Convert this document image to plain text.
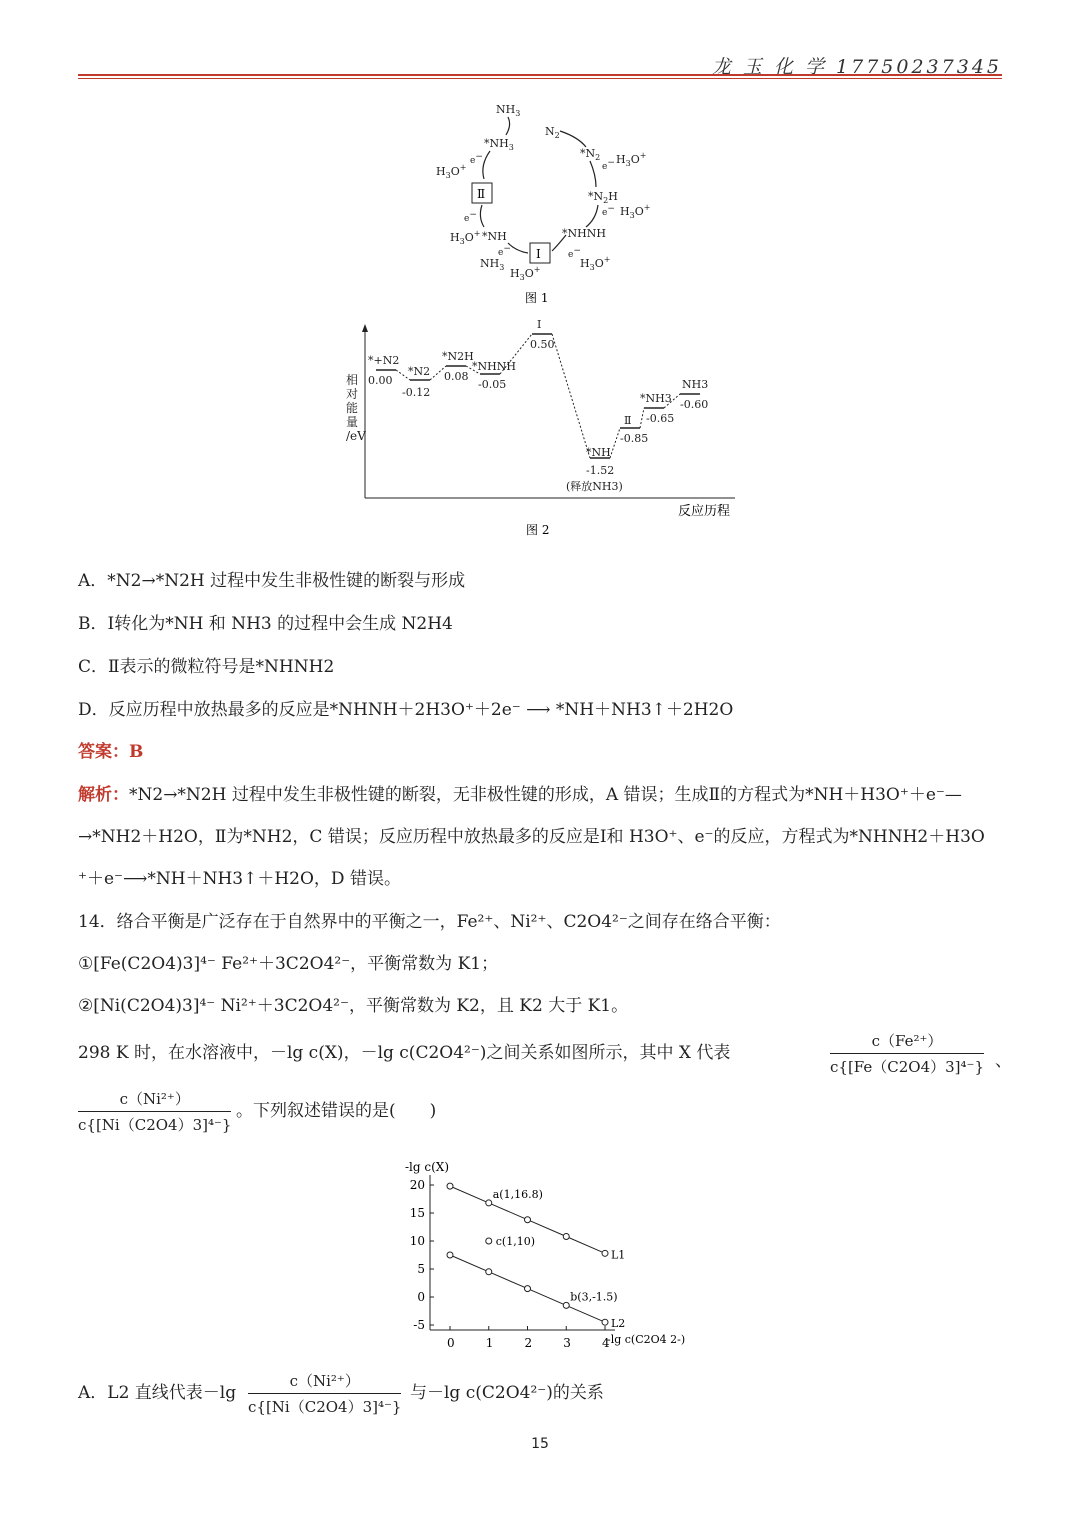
龙 玉 化 学 17750237345
$NH_3$
$*NH_3$
$N_2$
$*N_2$
$*N_2H$
*NHNH
*NH
$NH_3$
$H_3O^+$
$H_3O^+$
$H_3O^+$
$H_3O^+$
$H_3O^+$	$H_3O^+$
e−
e−
e−
e−
e−
e−
Ⅱ
Ⅰ
图 1
相
对
能
量
/eV
反应历程
*+N2
0.00
*N2
-0.12
*N2H
0.08
*NHNH
-0.05
Ⅰ
0.50
*NH
-1.52
(释放NH3)
Ⅱ
-0.85
*NH3
-0.65
NH3
-0.60
图 2
A．*N2→*N2H 过程中发生非极性键的断裂与形成
B．Ⅰ转化为*NH 和 NH3 的过程中会生成 N2H4
C．Ⅱ表示的微粒符号是*NHNH2
D．反应历程中放热最多的反应是*NHNH＋2H3O⁺＋2e⁻ ⟶ *NH＋NH3↑＋2H2O
答案：B
解析：*N2→*N2H 过程中发生非极性键的断裂，无非极性键的形成，A 错误；生成Ⅱ的方程式为*NH＋H3O⁺＋e⁻—
→*NH2＋H2O，Ⅱ为*NH2，C 错误；反应历程中放热最多的反应是Ⅰ和 H3O⁺、e⁻的反应，方程式为*NHNH2＋H3O
⁺＋e⁻⟶*NH＋NH3↑＋H2O，D 错误。
14．络合平衡是广泛存在于自然界中的平衡之一，Fe²⁺、Ni²⁺、C2O4²⁻之间存在络合平衡：
①[Fe(C2O4)3]⁴⁻ Fe²⁺＋3C2O4²⁻，平衡常数为 K1；
②[Ni(C2O4)3]⁴⁻ Ni²⁺＋3C2O4²⁻，平衡常数为 K2，且 K2 大于 K1。
298 K 时，在水溶液中，－lg c(X)，－lg c(C2O4²⁻)之间关系如图所示，其中 X 代表	$\frac{\text{c（Fe²⁺）}}{\text{c\{[Fe（C2O4）3]⁴⁻\}}}$ 、
$\frac{\text{c（Ni²⁺）}}{\text{c\{[Ni（C2O4）3]⁴⁻\}}}$ 。下列叙述错误的是(　　)
-lg c(X)
-lg c(C2O4 2-)
20
15
10
5
0
-5
0	1	2	3	4
L1
L2
a(1,16.8)
c(1,10)
b(3,-1.5)
A．L2 直线代表$-\lg \frac{\text{c（Ni²⁺）}}{\text{c\{[Ni（C2O4）3]⁴⁻\}}}$ 与－lg c(C2O4²⁻)的关系
15
